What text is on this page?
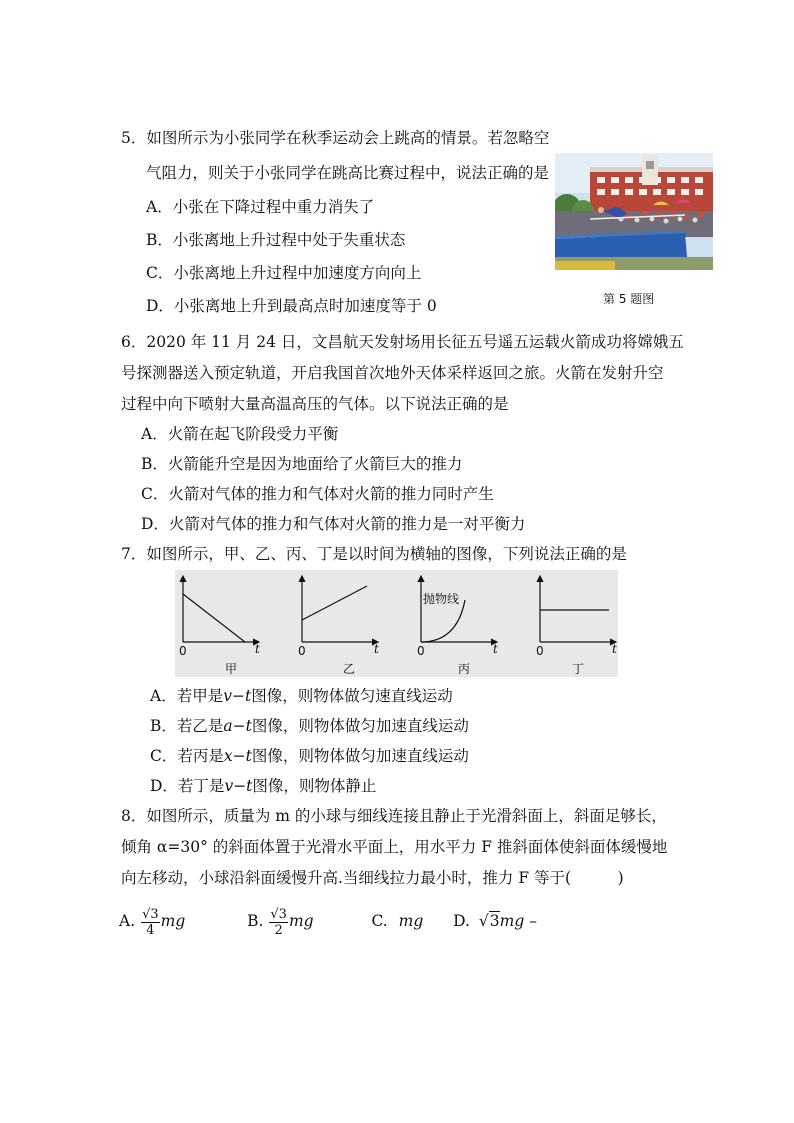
5．如图所示为小张同学在秋季运动会上跳高的情景。若忽略空
气阻力，则关于小张同学在跳高比赛过程中，说法正确的是
A．小张在下降过程中重力消失了
B．小张离地上升过程中处于失重状态
C．小张离地上升过程中加速度方向向上
D．小张离地上升到最高点时加速度等于 0	第 5 题图
6．2020 年 11 月 24 日，文昌航天发射场用长征五号遥五运载火箭成功将嫦娥五
号探测器送入预定轨道，开启我国首次地外天体采样返回之旅。火箭在发射升空
过程中向下喷射大量高温高压的气体。以下说法正确的是
A．火箭在起飞阶段受力平衡
B．火箭能升空是因为地面给了火箭巨大的推力
C．火箭对气体的推力和气体对火箭的推力同时产生
D．火箭对气体的推力和气体对火箭的推力是一对平衡力
7．如图所示，甲、乙、丙、丁是以时间为横轴的图像，下列说法正确的是
0	0	0	0
t	t	t	t
抛物线
甲	乙	丙	丁
A．若甲是v−t图像，则物体做匀速直线运动
B．若乙是a−t图像，则物体做匀加速直线运动
C．若丙是x−t图像，则物体做匀加速直线运动
D．若丁是v−t图像，则物体静止
8．如图所示，质量为 m 的小球与细线连接且静止于光滑斜面上，斜面足够长，
倾角 α=30° 的斜面体置于光滑水平面上，用水平力 F 推斜面体使斜面体缓慢地
向左移动，小球沿斜面缓慢升高.当细线拉力最小时，推力 F 等于(　　　)
A. $\frac{√3}{4}$ mg	B. $\frac{√3}{2}$ mg	C. mg D. √3mg –
